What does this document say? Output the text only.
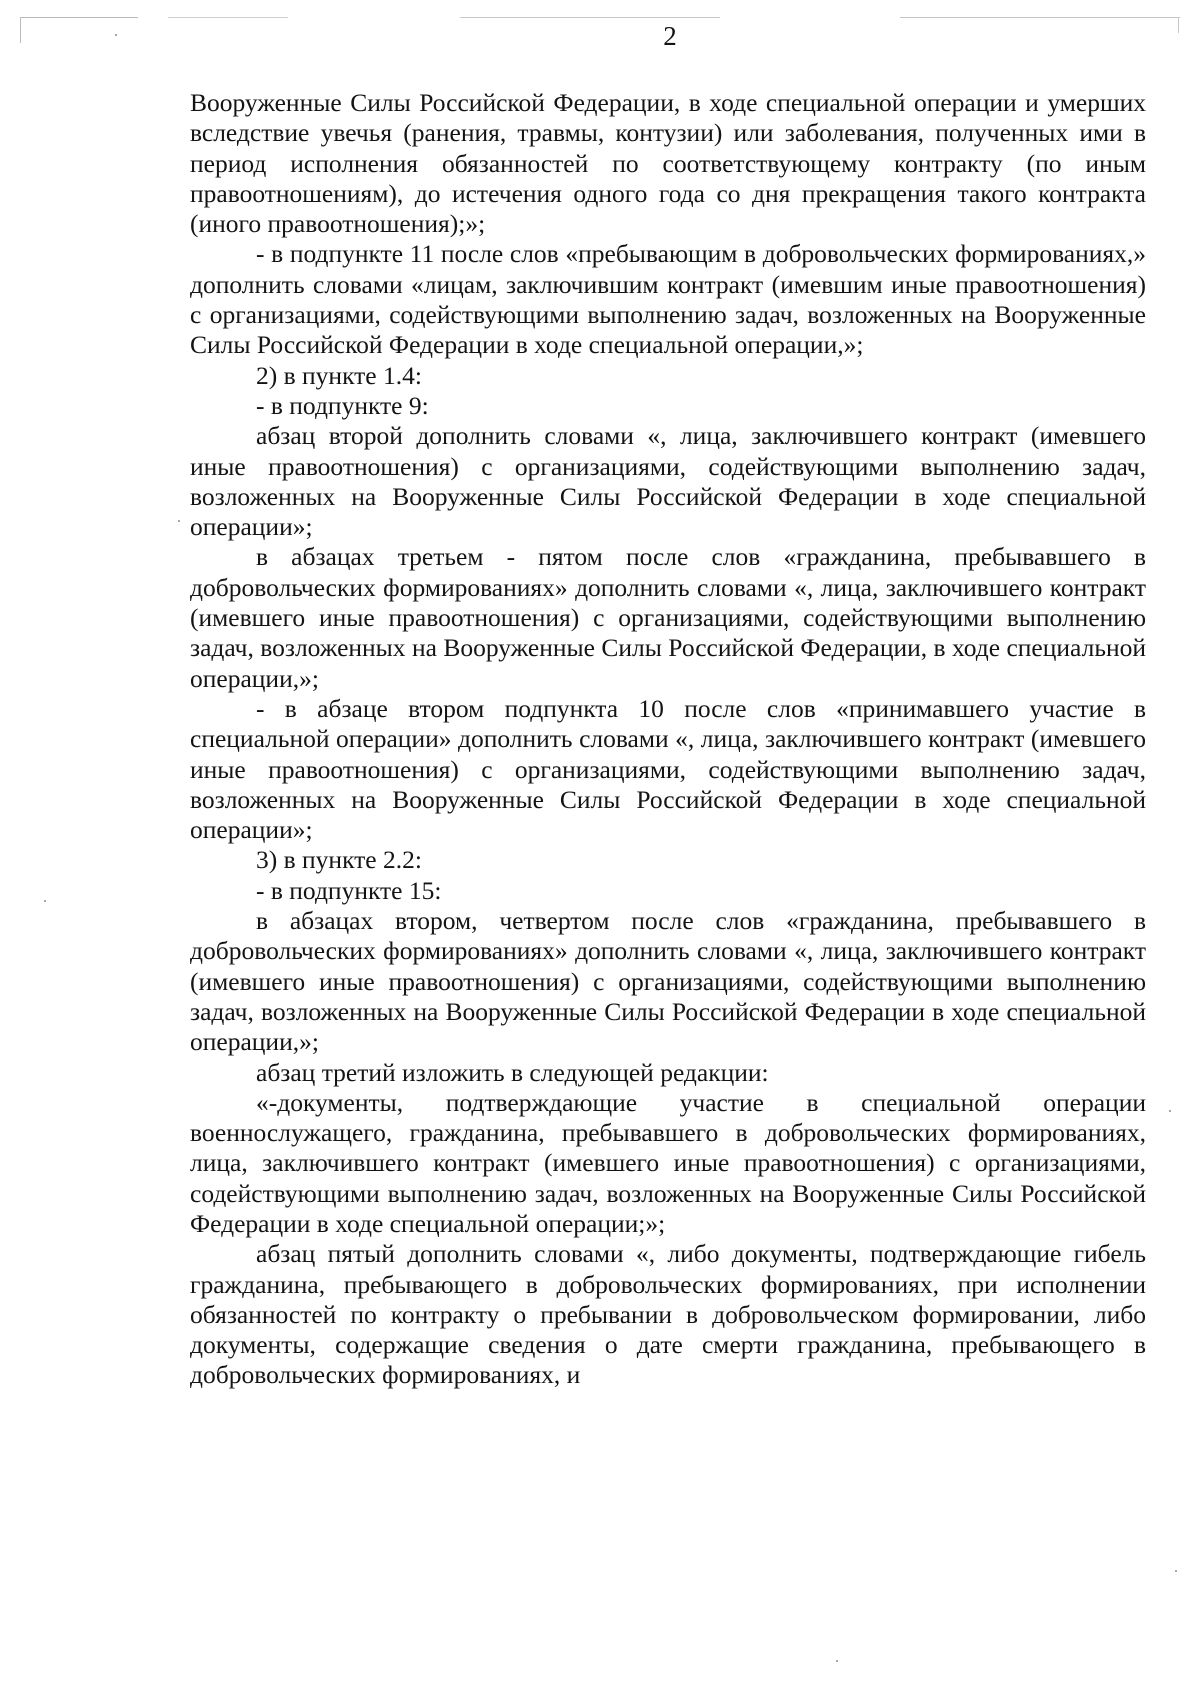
2

Вооруженные Силы Российской Федерации, в ходе специальной операции и умерших вследствие увечья (ранения, травмы, контузии) или заболевания, полученных ими в период исполнения обязанностей по соответствующему контракту (по иным правоотношениям), до истечения одного года со дня прекращения такого контракта (иного правоотношения);»;

- в подпункте 11 после слов «пребывающим в добровольческих формированиях,» дополнить словами «лицам, заключившим контракт (имевшим иные правоотношения) с организациями, содействующими выполнению задач, возложенных на Вооруженные Силы Российской Федерации в ходе специальной операции,»;

2) в пункте 1.4:

- в подпункте 9:

абзац второй дополнить словами «, лица, заключившего контракт (имевшего иные правоотношения) с организациями, содействующими выполнению задач, возложенных на Вооруженные Силы Российской Федерации в ходе специальной операции»;

в абзацах третьем - пятом после слов «гражданина, пребывавшего в добровольческих формированиях» дополнить словами «, лица, заключившего контракт (имевшего иные правоотношения) с организациями, содействующими выполнению задач, возложенных на Вооруженные Силы Российской Федерации, в ходе специальной операции,»;

- в абзаце втором подпункта 10 после слов «принимавшего участие в специальной операции» дополнить словами «, лица, заключившего контракт (имевшего иные правоотношения) с организациями, содействующими выполнению задач, возложенных на Вооруженные Силы Российской Федерации в ходе специальной операции»;

3) в пункте 2.2:

- в подпункте 15:

в абзацах втором, четвертом после слов «гражданина, пребывавшего в добровольческих формированиях» дополнить словами «, лица, заключившего контракт (имевшего иные правоотношения) с организациями, содействующими выполнению задач, возложенных на Вооруженные Силы Российской Федерации в ходе специальной операции,»;

абзац третий изложить в следующей редакции:

«-документы, подтверждающие участие в специальной операции военнослужащего, гражданина, пребывавшего в добровольческих формированиях, лица, заключившего контракт (имевшего иные правоотношения) с организациями, содействующими выполнению задач, возложенных на Вооруженные Силы Российской Федерации в ходе специальной операции;»;

абзац пятый дополнить словами «, либо документы, подтверждающие гибель гражданина, пребывающего в добровольческих формированиях, при исполнении обязанностей по контракту о пребывании в добровольческом формировании, либо документы, содержащие сведения о дате смерти гражданина, пребывающего в добровольческих формированиях, и
